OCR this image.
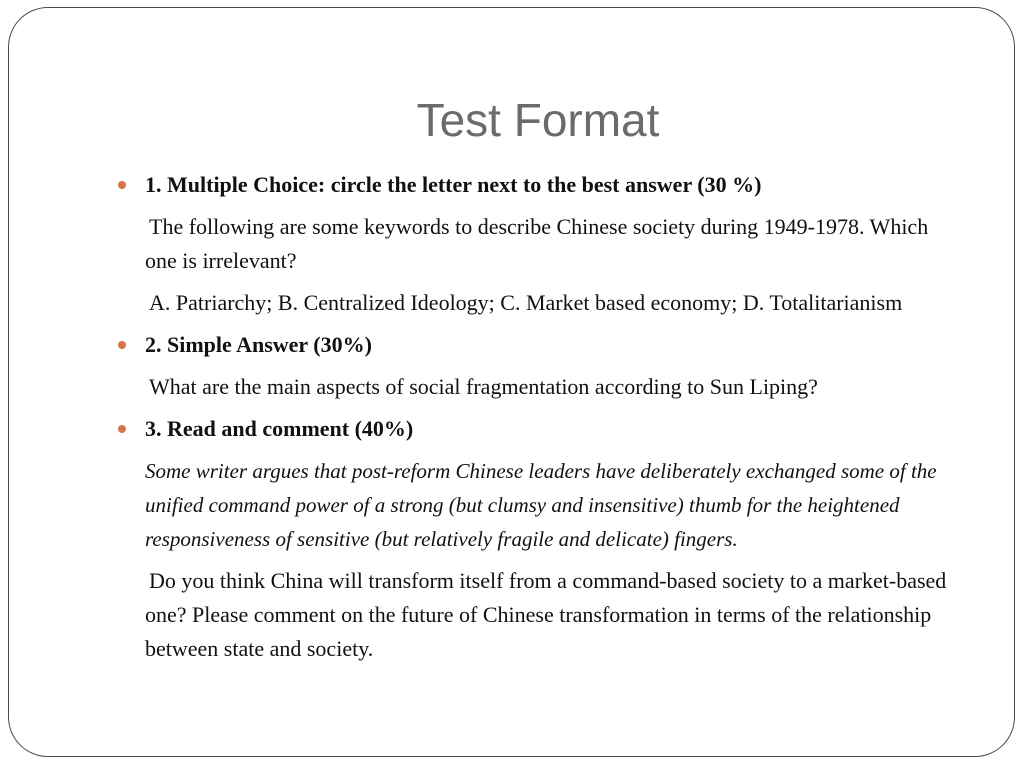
Test Format
1. Multiple Choice: circle the letter next to the best answer (30 %)
The following are some keywords to describe Chinese society during 1949-1978. Which one is irrelevant?
A. Patriarchy; B. Centralized Ideology; C. Market based economy; D. Totalitarianism
2. Simple Answer (30%)
What are the main aspects of social fragmentation according to Sun Liping?
3. Read and comment (40%)
Some writer argues that post-reform Chinese leaders have deliberately exchanged some of the unified command power of a strong (but clumsy and insensitive) thumb for the heightened responsiveness of sensitive (but relatively fragile and delicate) fingers.
Do you think China will transform itself from a command-based society to a market-based one? Please comment on the future of Chinese transformation in terms of the relationship between state and society.
